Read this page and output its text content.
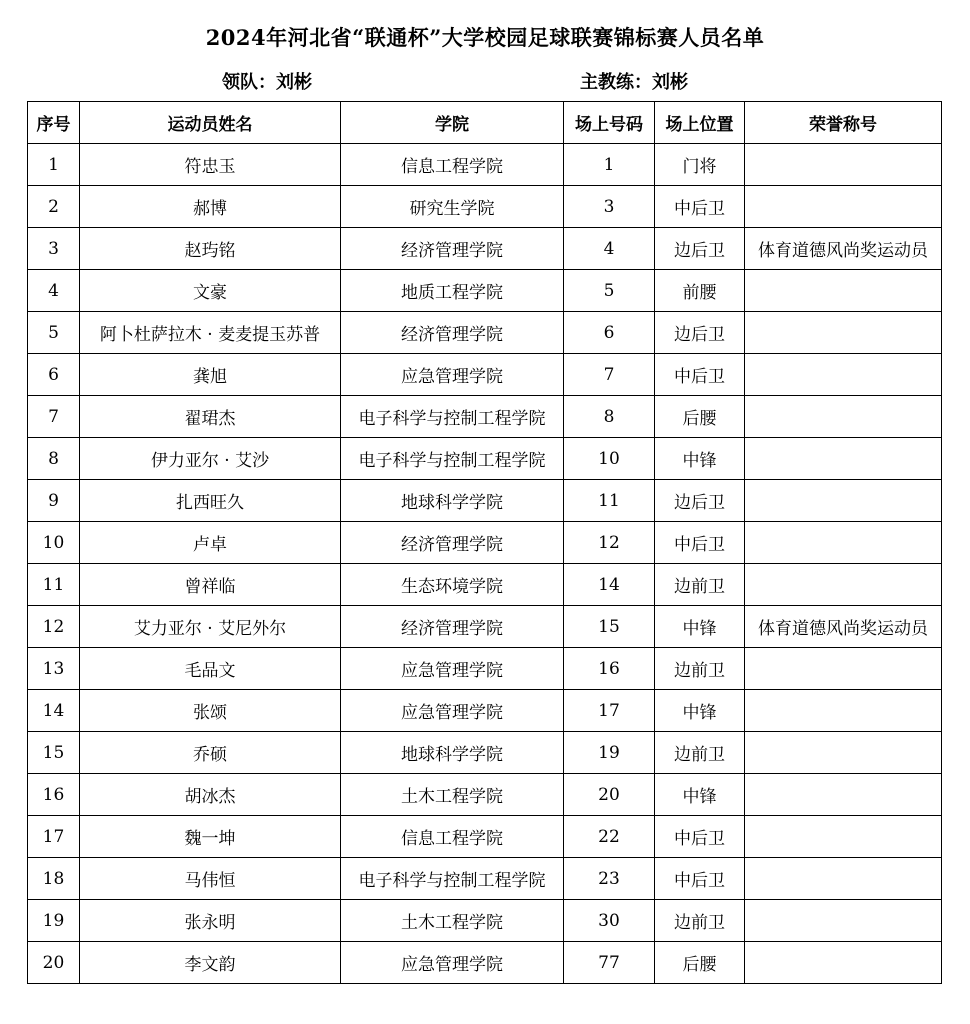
2024年河北省“联通杯”大学校园足球联赛锦标赛人员名单
领队：刘彬	主教练：刘彬
序号	运动员姓名	学院	场上号码	场上位置	荣誉称号
1	符忠玉	信息工程学院	1	门将	
2	郝博	研究生学院	3	中后卫	
3	赵玙铭	经济管理学院	4	边后卫	体育道德风尚奖运动员
4	文豪	地质工程学院	5	前腰	
5	阿卜杜萨拉木 · 麦麦提玉苏普	经济管理学院	6	边后卫	
6	龚旭	应急管理学院	7	中后卫	
7	翟珺杰	电子科学与控制工程学院	8	后腰	
8	伊力亚尔 · 艾沙	电子科学与控制工程学院	10	中锋	
9	扎西旺久	地球科学学院	11	边后卫	
10	卢卓	经济管理学院	12	中后卫	
11	曾祥临	生态环境学院	14	边前卫	
12	艾力亚尔 · 艾尼外尔	经济管理学院	15	中锋	体育道德风尚奖运动员
13	毛品文	应急管理学院	16	边前卫	
14	张颂	应急管理学院	17	中锋	
15	乔硕	地球科学学院	19	边前卫	
16	胡冰杰	土木工程学院	20	中锋	
17	魏一坤	信息工程学院	22	中后卫	
18	马伟恒	电子科学与控制工程学院	23	中后卫	
19	张永明	土木工程学院	30	边前卫	
20	李文韵	应急管理学院	77	后腰	
